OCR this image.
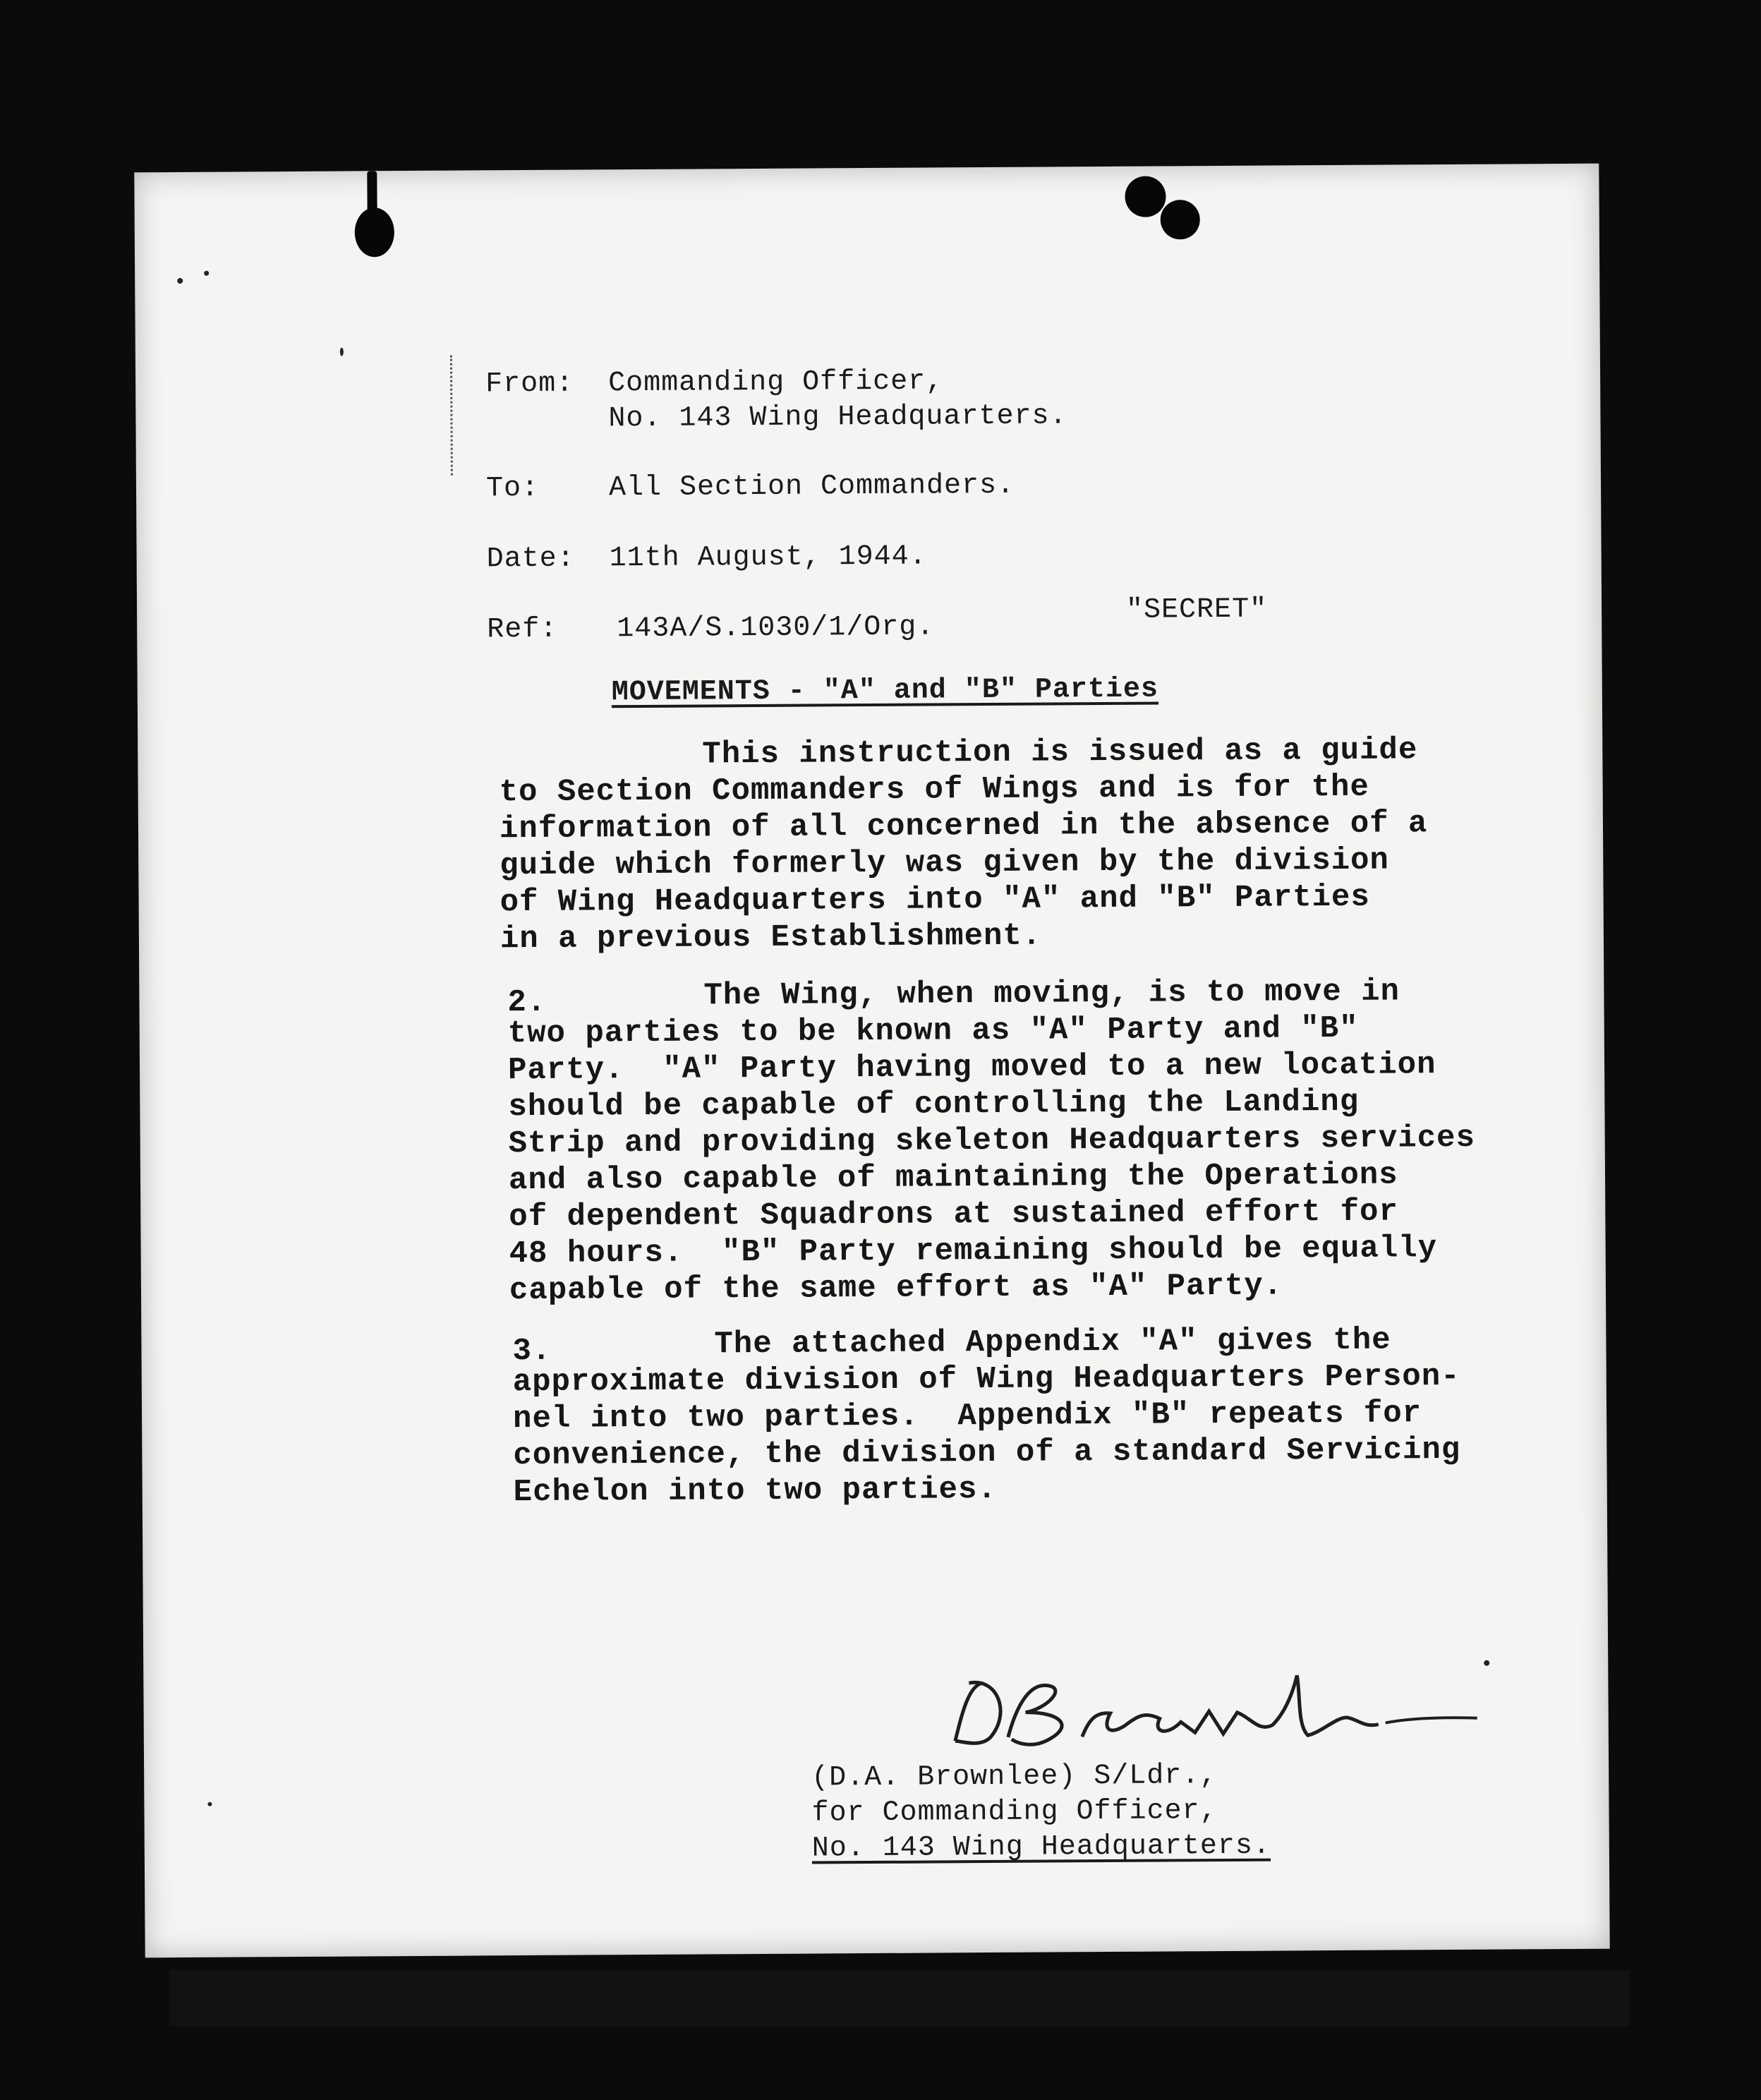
From: Commanding Officer,

No. 143 Wing Headquarters.

To: All Section Commanders.

Date: 11th August, 1944.

Ref: 143A/S.1030/1/Org.

"SECRET"

MOVEMENTS - "A" and "B" Parties

This instruction is issued as a guide

to Section Commanders of Wings and is for the

information of all concerned in the absence of a

guide which formerly was given by the division

of Wing Headquarters into "A" and "B" Parties

in a previous Establishment.

2.	The Wing, when moving, is to move in

two parties to be known as "A" Party and "B"

Party.  "A" Party having moved to a new location

should be capable of controlling the Landing

Strip and providing skeleton Headquarters services

and also capable of maintaining the Operations

of dependent Squadrons at sustained effort for

48 hours.  "B" Party remaining should be equally

capable of the same effort as "A" Party.

3.	The attached Appendix "A" gives the

approximate division of Wing Headquarters Person-

nel into two parties.  Appendix "B" repeats for

convenience, the division of a standard Servicing

Echelon into two parties.

(D.A. Brownlee) S/Ldr.,

for Commanding Officer,

No. 143 Wing Headquarters.
